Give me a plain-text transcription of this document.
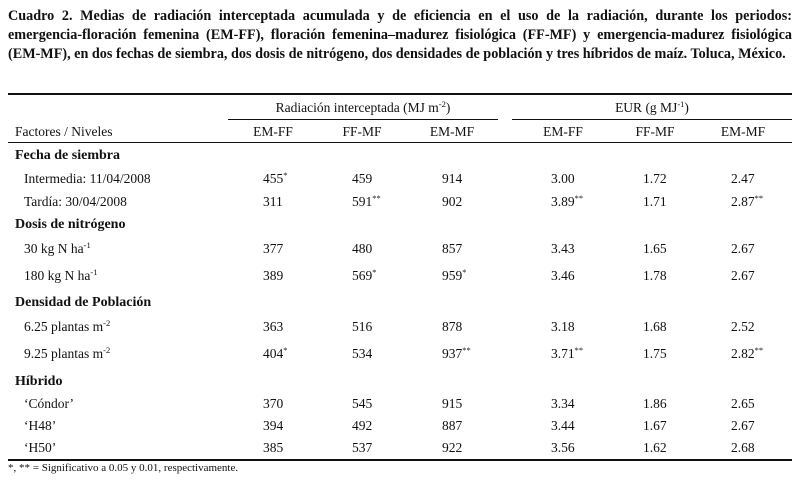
Cuadro 2. Medias de radiación interceptada acumulada y de eficiencia en el uso de la radiación, durante los periodos: emergencia-floración femenina (EM-FF), floración femenina–madurez fisiológica (FF-MF) y emergencia-madurez fisiológica (EM-MF), en dos fechas de siembra, dos dosis de nitrógeno, dos densidades de población y tres híbridos de maíz. Toluca, México.
Radiación interceptada (MJ $m^{-2}$)	EUR (g $MJ^{-1}$)
Factores / Niveles	EM-FF	FF-MF	EM-MF	EM-FF	FF-MF	EM-MF
Fecha de siembra
Intermedia: 11/04/2008	455*	459	914	3.00	1.72	2.47
Tardía: 30/04/2008	311	591**	902	3.89**	1.71	2.87**
Dosis de nitrógeno
30 kg N $ha^{-1}$	377	480	857	3.43	1.65	2.67
180 kg N $ha^{-1}$	389	569*	959*	3.46	1.78	2.67
Densidad de Población
6.25 plantas $m^{-2}$	363	516	878	3.18	1.68	2.52
9.25 plantas $m^{-2}$	404*	534	937**	3.71**	1.75	2.82**
Híbrido
‘Cóndor’	370	545	915	3.34	1.86	2.65
‘H48’	394	492	887	3.44	1.67	2.67
‘H50’	385	537	922	3.56	1.62	2.68
*, ** = Significativo a 0.05 y 0.01, respectivamente.
